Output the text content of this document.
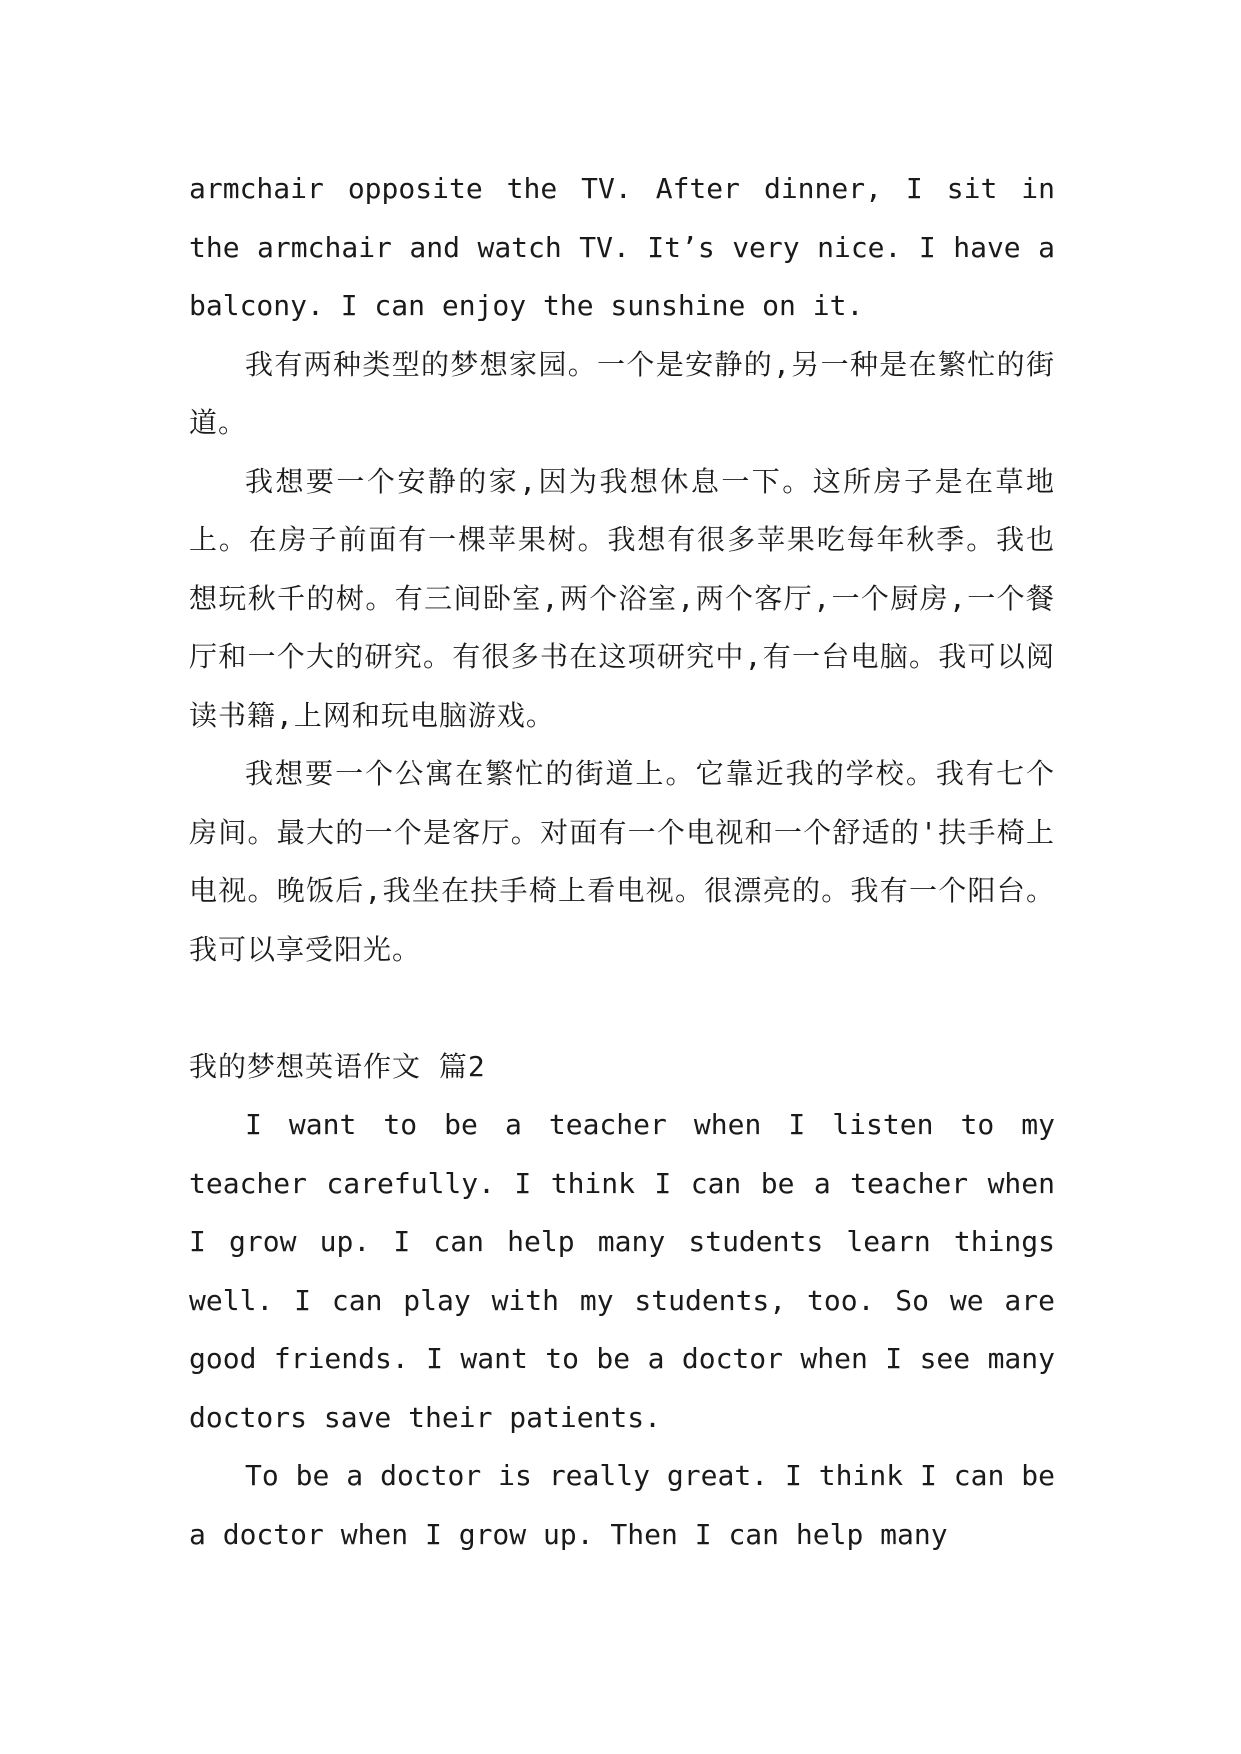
armchair opposite the TV. After dinner, I sit in the armchair and watch TV. It’s very nice. I have a balcony. I can enjoy the sunshine on it.

我有两种类型的梦想家园。一个是安静的,另一种是在繁忙的街道。

我想要一个安静的家,因为我想休息一下。这所房子是在草地上。在房子前面有一棵苹果树。我想有很多苹果吃每年秋季。我也想玩秋千的树。有三间卧室,两个浴室,两个客厅,一个厨房,一个餐厅和一个大的研究。有很多书在这项研究中,有一台电脑。我可以阅读书籍,上网和玩电脑游戏。

我想要一个公寓在繁忙的街道上。它靠近我的学校。我有七个房间。最大的一个是客厅。对面有一个电视和一个舒适的'扶手椅上电视。晚饭后,我坐在扶手椅上看电视。很漂亮的。我有一个阳台。我可以享受阳光。

我的梦想英语作文 篇2

I want to be a teacher when I listen to my teacher carefully. I think I can be a teacher when I grow up. I can help many students learn things well. I can play with my students, too. So we are good friends. I want to be a doctor when I see many doctors save their patients.

To be a doctor is really great. I think I can be a doctor when I grow up. Then I can help many
